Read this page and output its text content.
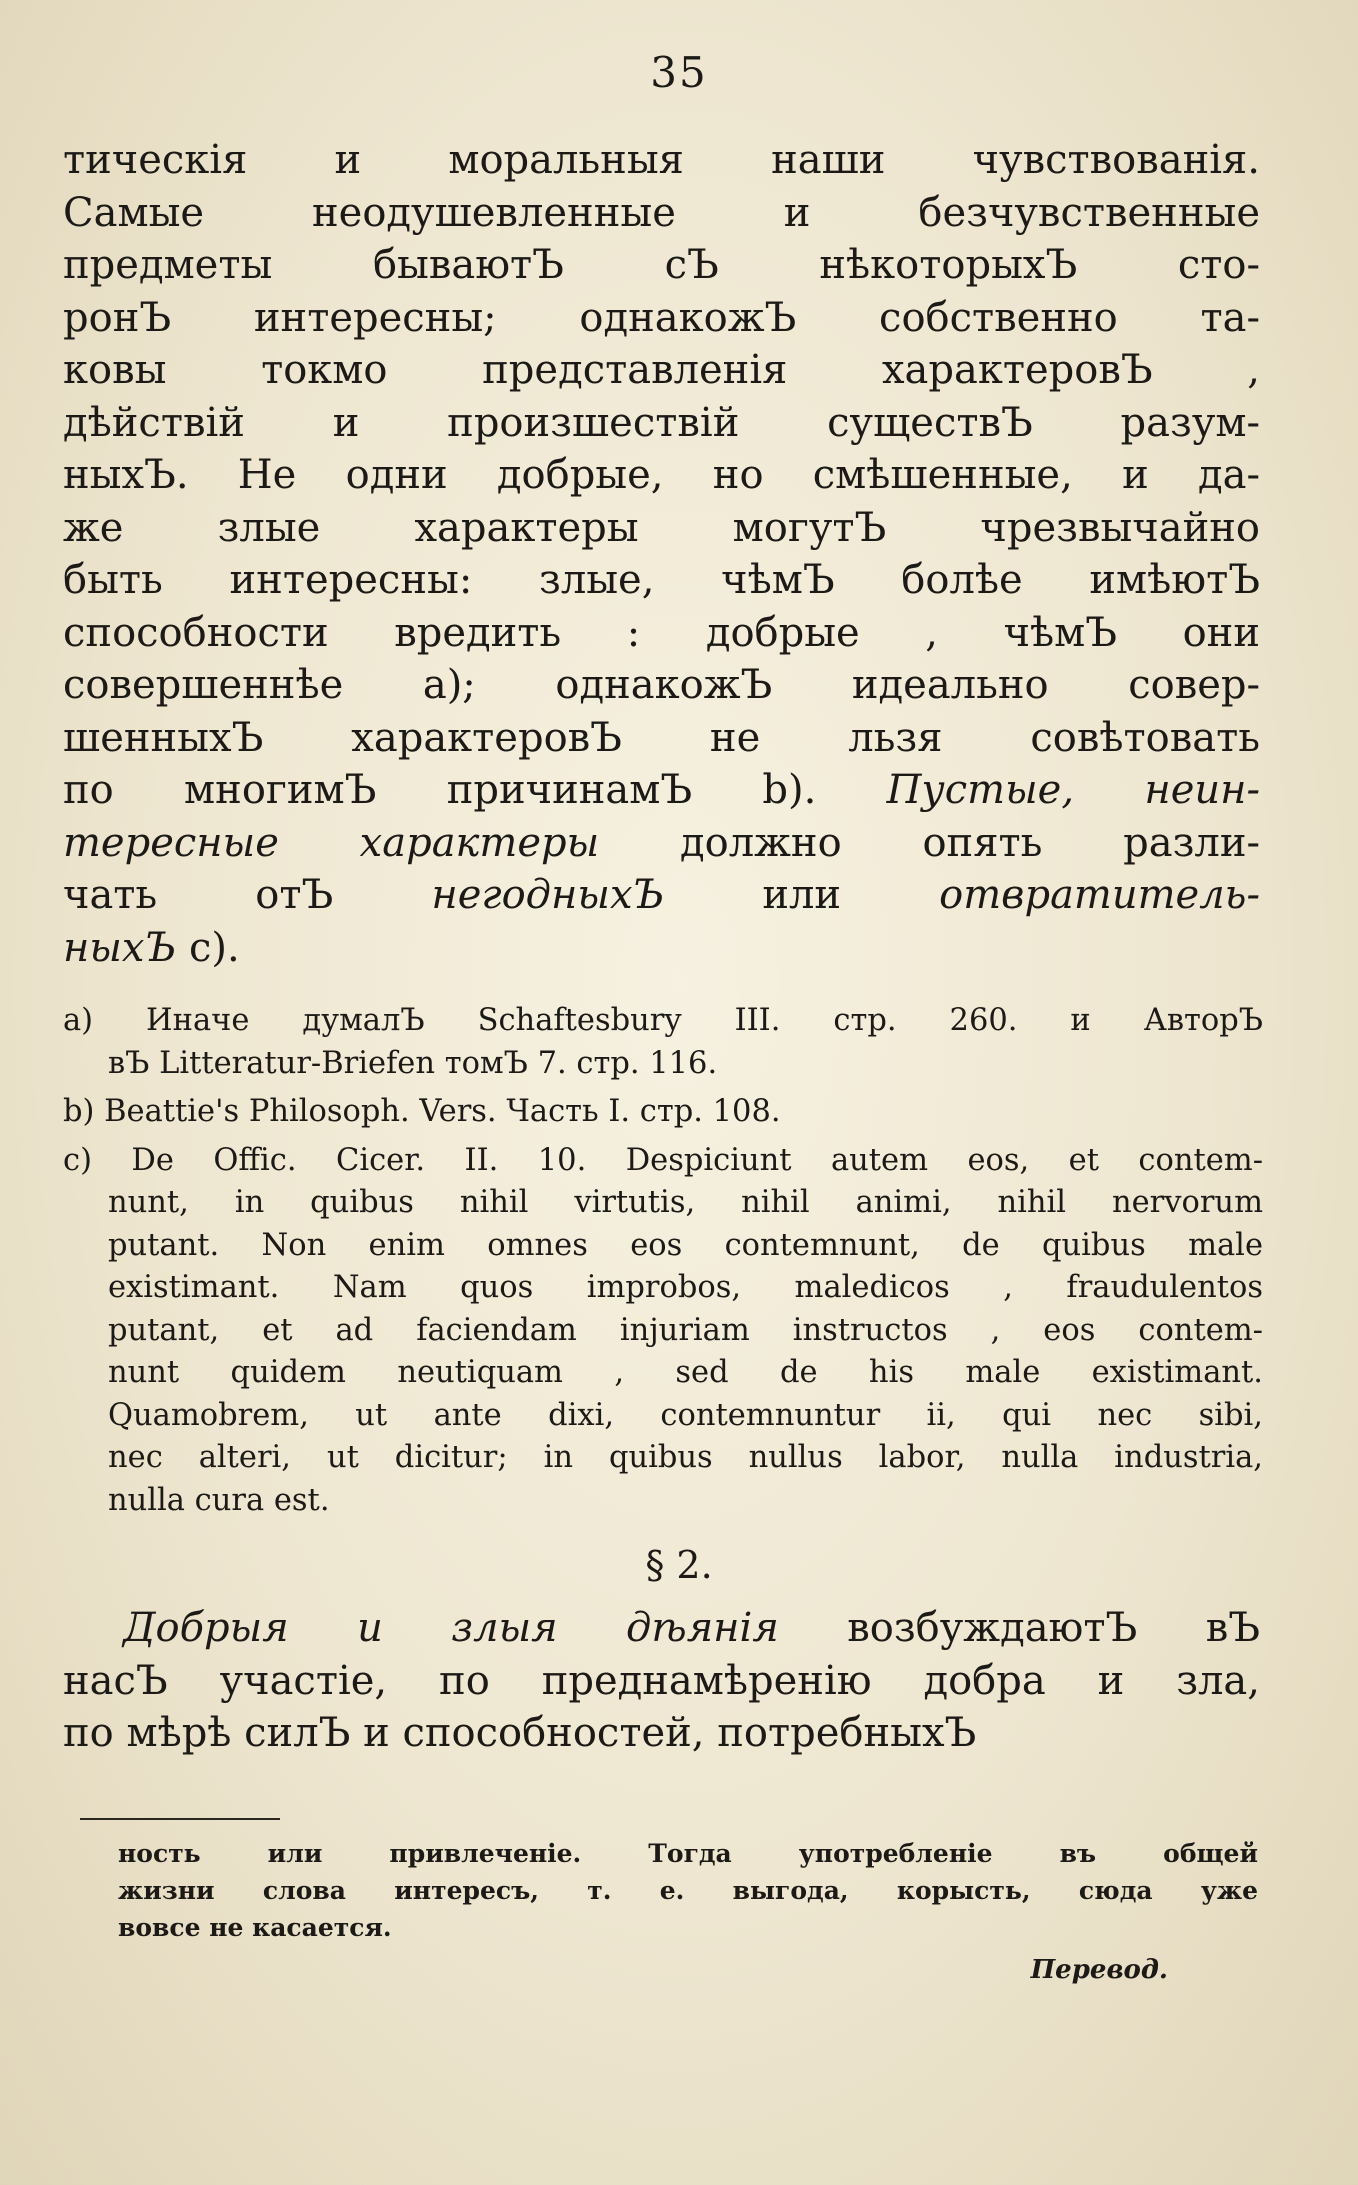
35
тическія и моральныя наши чувствованія.
Самые неодушевленные и безчувственные
предметы бываютЪ сЪ нѣкоторыхЪ сто-
ронЪ интересны; однакожЪ собственно та-
ковы токмо представленія характеровЪ ,
дѣйствій и произшествій существЪ разум-
ныхЪ. Не одни добрые, но смѣшенные, и да-
же злые характеры могутЪ чрезвычайно
быть интересны: злые, чѣмЪ болѣе имѣютЪ
способности вредить : добрые , чѣмЪ они
совершеннѣе a); однакожЪ идеально совер-
шенныхЪ характеровЪ не льзя совѣтовать
по многимЪ причинамЪ b). Пустые, неин-
тересные характеры должно опять разли-
чать отЪ негодныхЪ или отвратитель-
ныхЪ c).
a) Иначе думалЪ Schaftesbury III. стр. 260. и АвторЪ
вЪ Litteratur-Briefen томЪ 7. стр. 116.
b) Beattie's Philosoph. Vers. Часть I. стр. 108.
c) De Offic. Cicer. II. 10. Despiciunt autem eos, et contem-
nunt, in quibus nihil virtutis, nihil animi, nihil nervorum
putant. Non enim omnes eos contemnunt, de quibus male
existimant. Nam quos improbos, maledicos , fraudulentos
putant, et ad faciendam injuriam instructos , eos contem-
nunt quidem neutiquam , sed de his male existimant.
Quamobrem, ut ante dixi, contemnuntur ii, qui nec sibi,
nec alteri, ut dicitur; in quibus nullus labor, nulla industria,
nulla cura est.
§ 2.
Добрыя и злыя дѣянія возбуждаютЪ вЪ
насЪ участіе, по преднамѣренію добра и зла,
по мѣрѣ силЪ и способностей, потребныхЪ
ность или привлеченіе. Тогда употребленіе въ общей
жизни слова интересъ, т. е. выгода, корысть, сюда уже
вовсе не касается.
Перевод.
